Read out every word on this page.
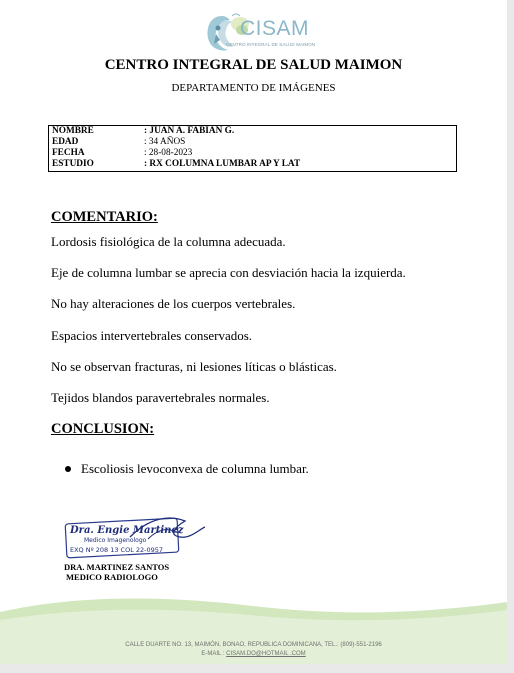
CISAM
CENTRO INTEGRAL DE SALUD MAIMON
CENTRO INTEGRAL DE SALUD MAIMON
DEPARTAMENTO DE IMÁGENES
NOMBRE	: JUAN A. FABIAN G.
EDAD	: 34 AÑOS
FECHA	: 28-08-2023
ESTUDIO	: RX COLUMNA LUMBAR AP Y LAT
COMENTARIO:
Lordosis fisiológica de la columna adecuada.
Eje de columna lumbar se aprecia con desviación hacia la izquierda.
No hay alteraciones de los cuerpos vertebrales.
Espacios intervertebrales conservados.
No se observan fracturas, ni lesiones líticas o blásticas.
Tejidos blandos paravertebrales normales.
CONCLUSION:
Escoliosis levoconvexa de columna lumbar.
Dra. Engie Martinez
Medico Imagenologo
EXQ Nº 208 13 COL 22-0957
DRA. MARTINEZ SANTOS
MEDICO RADIOLOGO
CALLE DUARTE NO. 13, MAIMÓN, BONAO, REPUBLICA DOMINICANA, TEL.: (809)-551-2196
E-MAIL : CISAM.DO@HOTMAIL .COM
